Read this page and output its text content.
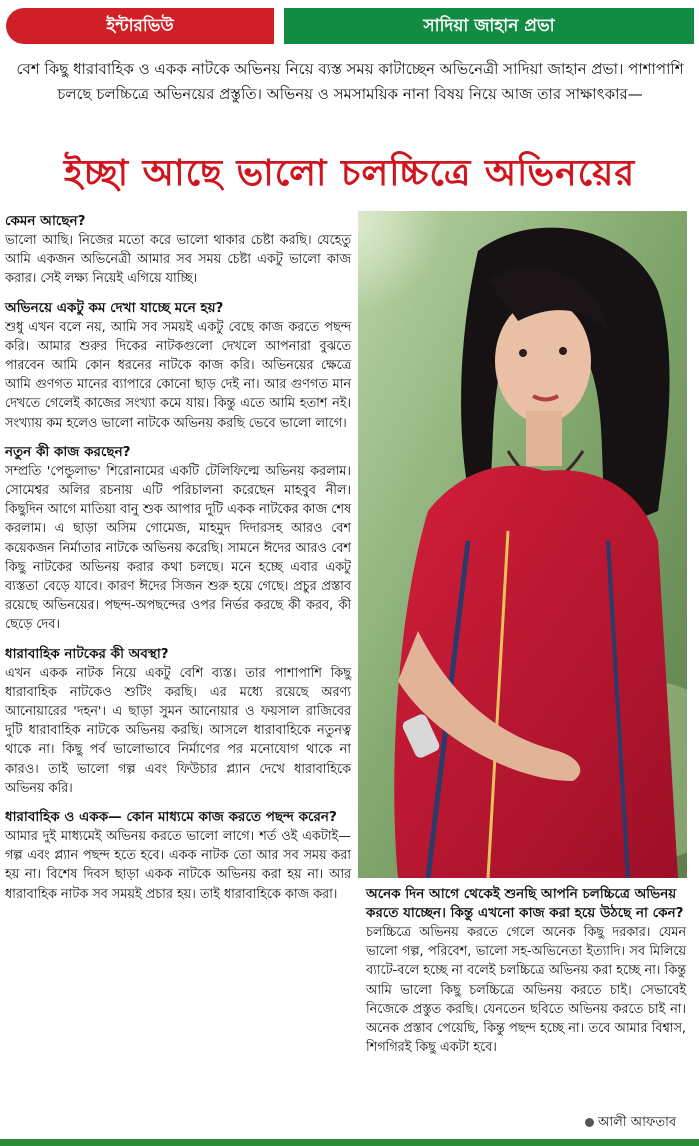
ইন্টারভিউ	সাদিয়া জাহান প্রভা
বেশ কিছু ধারাবাহিক ও একক নাটকে অভিনয় নিয়ে ব্যস্ত সময় কাটাচ্ছেন অভিনেত্রী সাদিয়া জাহান প্রভা। পাশাপাশি চলছে চলচ্চিত্রে অভিনয়ের প্রস্তুতি। অভিনয় ও সমসাময়িক নানা বিষয় নিয়ে আজ তার সাক্ষাৎকার—
ইচ্ছা আছে ভালো চলচ্চিত্রে অভিনয়ের

কেমন আছেন?

ভালো আছি। নিজের মতো করে ভালো থাকার চেষ্টা করছি। যেহেতু আমি একজন অভিনেত্রী আমার সব সময় চেষ্টা একটু ভালো কাজ করার। সেই লক্ষ্য নিয়েই এগিয়ে যাচ্ছি।

অভিনয়ে একটু কম দেখা যাচ্ছে মনে হয়?

শুধু এখন বলে নয়, আমি সব সময়ই একটু বেছে কাজ করতে পছন্দ করি। আমার শুরুর দিকের নাটকগুলো দেখলে আপনারা বুঝতে পারবেন আমি কোন ধরনের নাটকে কাজ করি। অভিনয়ের ক্ষেত্রে আমি গুণগত মানের ব্যাপারে কোনো ছাড় দেই না। আর গুণগত মান দেখতে গেলেই কাজের সংখ্যা কমে যায়। কিন্তু এতে আমি হতাশ নই। সংখ্যায় কম হলেও ভালো নাটকে অভিনয় করছি ভেবে ভালো লাগে।

নতুন কী কাজ করছেন?

সম্প্রতি 'পেন্ডুলাভ' শিরোনামের একটি টেলিফিল্মে অভিনয় করলাম। সোমেশ্বর অলির রচনায় এটি পরিচালনা করেছেন মাহবুব নীল। কিছুদিন আগে মাতিয়া বানু শুক আপার দুটি একক নাটকের কাজ শেষ করলাম। এ ছাড়া অসিম গোমেজ, মাহমুদ দিদারসহ আরও বেশ কয়েকজন নির্মাতার নাটকে অভিনয় করেছি। সামনে ঈদের আরও বেশ কিছু নাটকের অভিনয় করার কথা চলছে। মনে হচ্ছে এবার একটু ব্যস্ততা বেড়ে যাবে। কারণ ঈদের সিজন শুরু হয়ে গেছে। প্রচুর প্রস্তাব রয়েছে অভিনয়ের। পছন্দ-অপছন্দের ওপর নির্ভর করছে কী করব, কী ছেড়ে দেব।

ধারাবাহিক নাটকের কী অবস্থা?

এখন একক নাটক নিয়ে একটু বেশি ব্যস্ত। তার পাশাপাশি কিছু ধারাবাহিক নাটকেও শুটিং করছি। এর মধ্যে রয়েছে অরণ্য আনোয়ারের 'দহন'। এ ছাড়া সুমন আনোয়ার ও ফয়সাল রাজিবের দুটি ধারাবাহিক নাটকে অভিনয় করছি। আসলে ধারাবাহিকে নতুনত্ব থাকে না। কিছু পর্ব ভালোভাবে নির্মাণের পর মনোযোগ থাকে না কারও। তাই ভালো গল্প এবং ফিউচার প্ল্যান দেখে ধারাবাহিকে অভিনয় করি।

ধারাবাহিক ও একক— কোন মাধ্যমে কাজ করতে পছন্দ করেন?

আমার দুই মাধ্যমেই অভিনয় করতে ভালো লাগে। শর্ত ওই একটাই— গল্প এবং প্ল্যান পছন্দ হতে হবে। একক নাটক তো আর সব সময় করা হয় না। বিশেষ দিবস ছাড়া একক নাটকে অভিনয় করা হয় না। আর ধারাবাহিক নাটক সব সময়ই প্রচার হয়। তাই ধারাবাহিকে কাজ করা।	অনেক দিন আগে থেকেই শুনছি আপনি চলচ্চিত্রে অভিনয় করতে যাচ্ছেন। কিন্তু এখনো কাজ করা হয়ে উঠছে না কেন?

চলচ্চিত্রে অভিনয় করতে গেলে অনেক কিছু দরকার। যেমন ভালো গল্প, পরিবেশ, ভালো সহ-অভিনেতা ইত্যাদি। সব মিলিয়ে ব্যাটে-বলে হচ্ছে না বলেই চলচ্চিত্রে অভিনয় করা হচ্ছে না। কিন্তু আমি ভালো কিছু চলচ্চিত্রে অভিনয় করতে চাই। সেভাবেই নিজেকে প্রস্তুত করছি। যেনতেন ছবিতে অভিনয় করতে চাই না। অনেক প্রস্তাব পেয়েছি, কিন্তু পছন্দ হচ্ছে না। তবে আমার বিশ্বাস, শিগগিরই কিছু একটা হবে।

আলী আফতাব
